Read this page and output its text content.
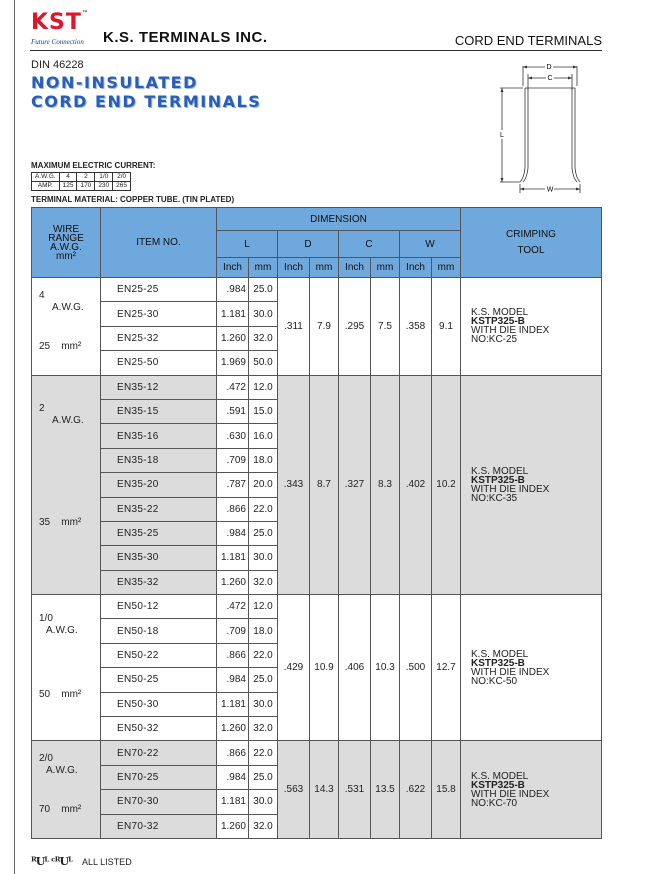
KST™
Future Connection K.S. TERMINALS INC.	CORD END TERMINALS
DIN 46228
NON-INSULATED
CORD END TERMINALS
D
C
L
W
MAXIMUM ELECTRIC CURRENT:
A.W.G.	4	2	1/0	2/0
AMP.	125	170	230	265
TERMINAL MATERIAL: COPPER TUBE. (TIN PLATED)
WIRE
RANGE
A.W.G.
mm²	ITEM NO.	DIMENSION								CRIMPING
TOOL
		L		D		C		W		
		Inch	mm	Inch	mm	Inch	mm	Inch	mm	

4
A.W.G.
25 mm²	EN25-25	.984	25.0	.311	7.9	.295	7.5	.358	9.1	K.S. MODEL
KSTP325-B
WITH DIE INDEX
NO:KC-25
	EN25-30	1.181	30.0							
	EN25-32	1.260	32.0							
	EN25-50	1.969	50.0							

2
A.W.G.
35 mm²	EN35-12	.472	12.0	.343	8.7	.327	8.3	.402	10.2	K.S. MODEL
KSTP325-B
WITH DIE INDEX
NO:KC-35
	EN35-15	.591	15.0							
	EN35-16	.630	16.0							
	EN35-18	.709	18.0							
	EN35-20	.787	20.0							
	EN35-22	.866	22.0							
	EN35-25	.984	25.0							
	EN35-30	1.181	30.0							
	EN35-32	1.260	32.0							

1/0
A.W.G.
50 mm²	EN50-12	.472	12.0	.429	10.9	.406	10.3	.500	12.7	K.S. MODEL
KSTP325-B
WITH DIE INDEX
NO:KC-50
	EN50-18	.709	18.0							
	EN50-22	.866	22.0							
	EN50-25	.984	25.0							
	EN50-30	1.181	30.0							
	EN50-32	1.260	32.0							

2/0
A.W.G.
70 mm²	EN70-22	.866	22.0	.563	14.3	.531	13.5	.622	15.8	K.S. MODEL
KSTP325-B
WITH DIE INDEX
NO:KC-70
	EN70-25	.984	25.0							
	EN70-30	1.181	30.0							
	EN70-32	1.260	32.0							
ᴿUᴸ ᶜᴿUᴸ ALL LISTED
